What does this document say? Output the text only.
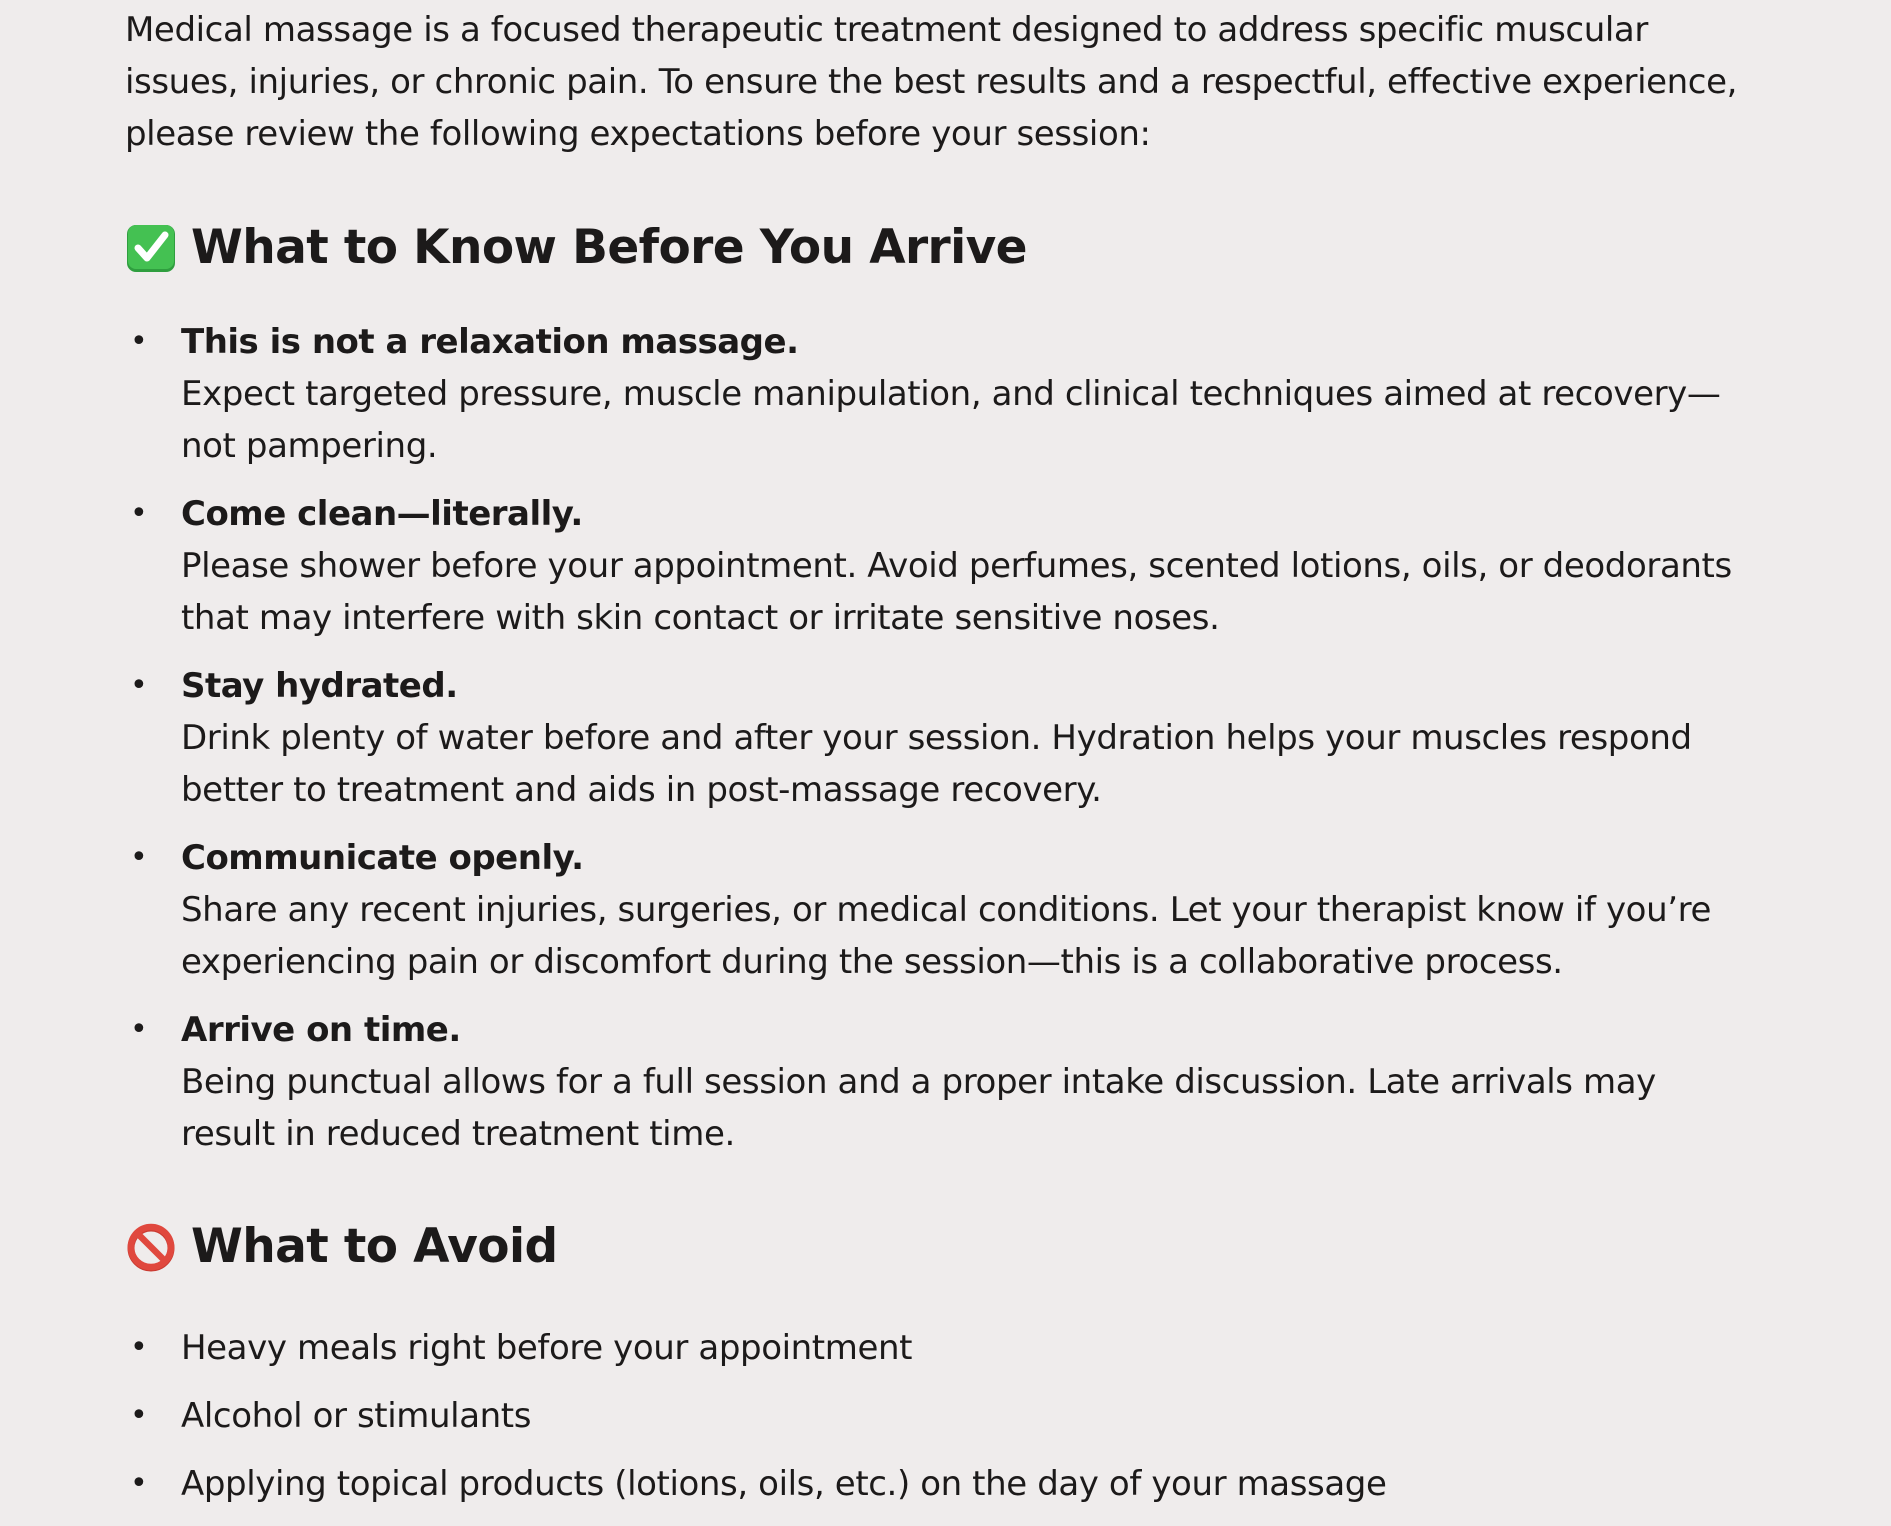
Medical massage is a focused therapeutic treatment designed to address specific muscular issues, injuries, or chronic pain. To ensure the best results and a respectful, effective experience, please review the following expectations before your session:

What to Know Before You Arrive
• This is not a relaxation massage.
Expect targeted pressure, muscle manipulation, and clinical techniques aimed at recovery—not pampering.
• Come clean—literally.
Please shower before your appointment. Avoid perfumes, scented lotions, oils, or deodorants that may interfere with skin contact or irritate sensitive noses.
• Stay hydrated.
Drink plenty of water before and after your session. Hydration helps your muscles respond better to treatment and aids in post-massage recovery.
• Communicate openly.
Share any recent injuries, surgeries, or medical conditions. Let your therapist know if you’re experiencing pain or discomfort during the session—this is a collaborative process.
• Arrive on time.
Being punctual allows for a full session and a proper intake discussion. Late arrivals may result in reduced treatment time.
What to Avoid
• Heavy meals right before your appointment
• Alcohol or stimulants
• Applying topical products (lotions, oils, etc.) on the day of your massage
